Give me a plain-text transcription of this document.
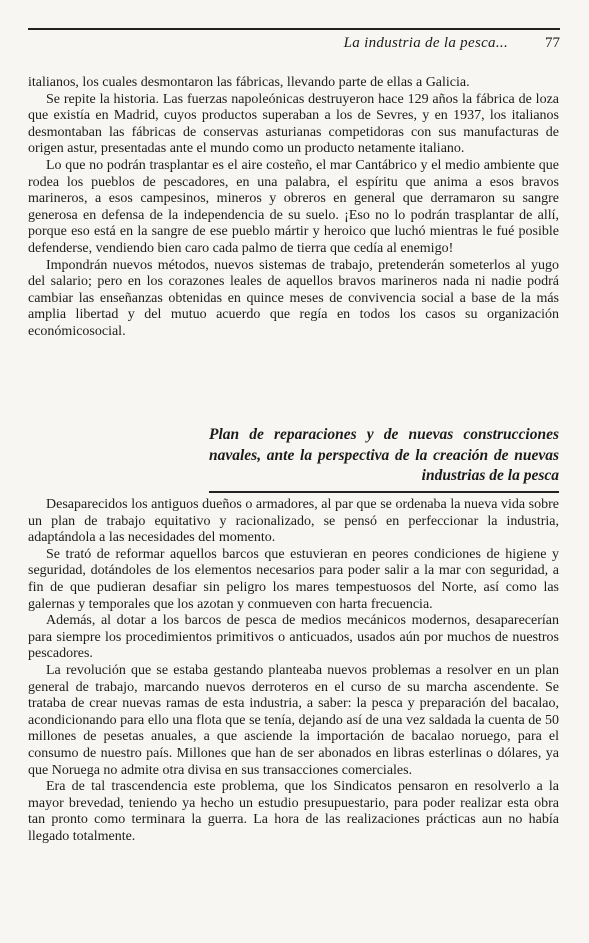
La industria de la pesca... 77

italianos, los cuales desmontaron las fábricas, llevando parte de ellas a Galicia.

Se repite la historia. Las fuerzas napoleónicas destruyeron hace 129 años la fábrica de loza que existía en Madrid, cuyos productos superaban a los de Sevres, y en 1937, los italianos desmontaban las fábricas de conservas asturianas competidoras con sus manufacturas de origen astur, presentadas ante el mundo como un producto netamente italiano.

Lo que no podrán trasplantar es el aire costeño, el mar Cantábrico y el medio ambiente que rodea los pueblos de pescadores, en una palabra, el espíritu que anima a esos bravos marineros, a esos campesinos, mineros y obreros en general que derramaron su sangre generosa en defensa de la independencia de su suelo. ¡Eso no lo podrán trasplantar de allí, porque eso está en la sangre de ese pueblo mártir y heroico que luchó mientras le fué posible defenderse, vendiendo bien caro cada palmo de tierra que cedía al enemigo!

Impondrán nuevos métodos, nuevos sistemas de trabajo, pretenderán someterlos al yugo del salario; pero en los corazones leales de aquellos bravos marineros nada ni nadie podrá cambiar las enseñanzas obtenidas en quince meses de convivencia social a base de la más amplia libertad y del mutuo acuerdo que regía en todos los casos su organización económicosocial.

Plan de reparaciones y de nuevas construcciones navales, ante la perspectiva de la creación de nuevas industrias de la pesca

Desaparecidos los antiguos dueños o armadores, al par que se ordenaba la nueva vida sobre un plan de trabajo equitativo y racionalizado, se pensó en perfeccionar la industria, adaptándola a las necesidades del momento.

Se trató de reformar aquellos barcos que estuvieran en peores condiciones de higiene y seguridad, dotándoles de los elementos necesarios para poder salir a la mar con seguridad, a fin de que pudieran desafiar sin peligro los mares tempestuosos del Norte, así como las galernas y temporales que los azotan y conmueven con harta frecuencia.

Además, al dotar a los barcos de pesca de medios mecánicos modernos, desaparecerían para siempre los procedimientos primitivos o anticuados, usados aún por muchos de nuestros pescadores.

La revolución que se estaba gestando planteaba nuevos problemas a resolver en un plan general de trabajo, marcando nuevos derroteros en el curso de su marcha ascendente. Se trataba de crear nuevas ramas de esta industria, a saber: la pesca y preparación del bacalao, acondicionando para ello una flota que se tenía, dejando así de una vez saldada la cuenta de 50 millones de pesetas anuales, a que asciende la importación de bacalao noruego, para el consumo de nuestro país. Millones que han de ser abonados en libras esterlinas o dólares, ya que Noruega no admite otra divisa en sus transacciones comerciales.

Era de tal trascendencia este problema, que los Sindicatos pensaron en resolverlo a la mayor brevedad, teniendo ya hecho un estudio presupuestario, para poder realizar esta obra tan pronto como terminara la guerra. La hora de las realizaciones prácticas aun no había llegado totalmente.
